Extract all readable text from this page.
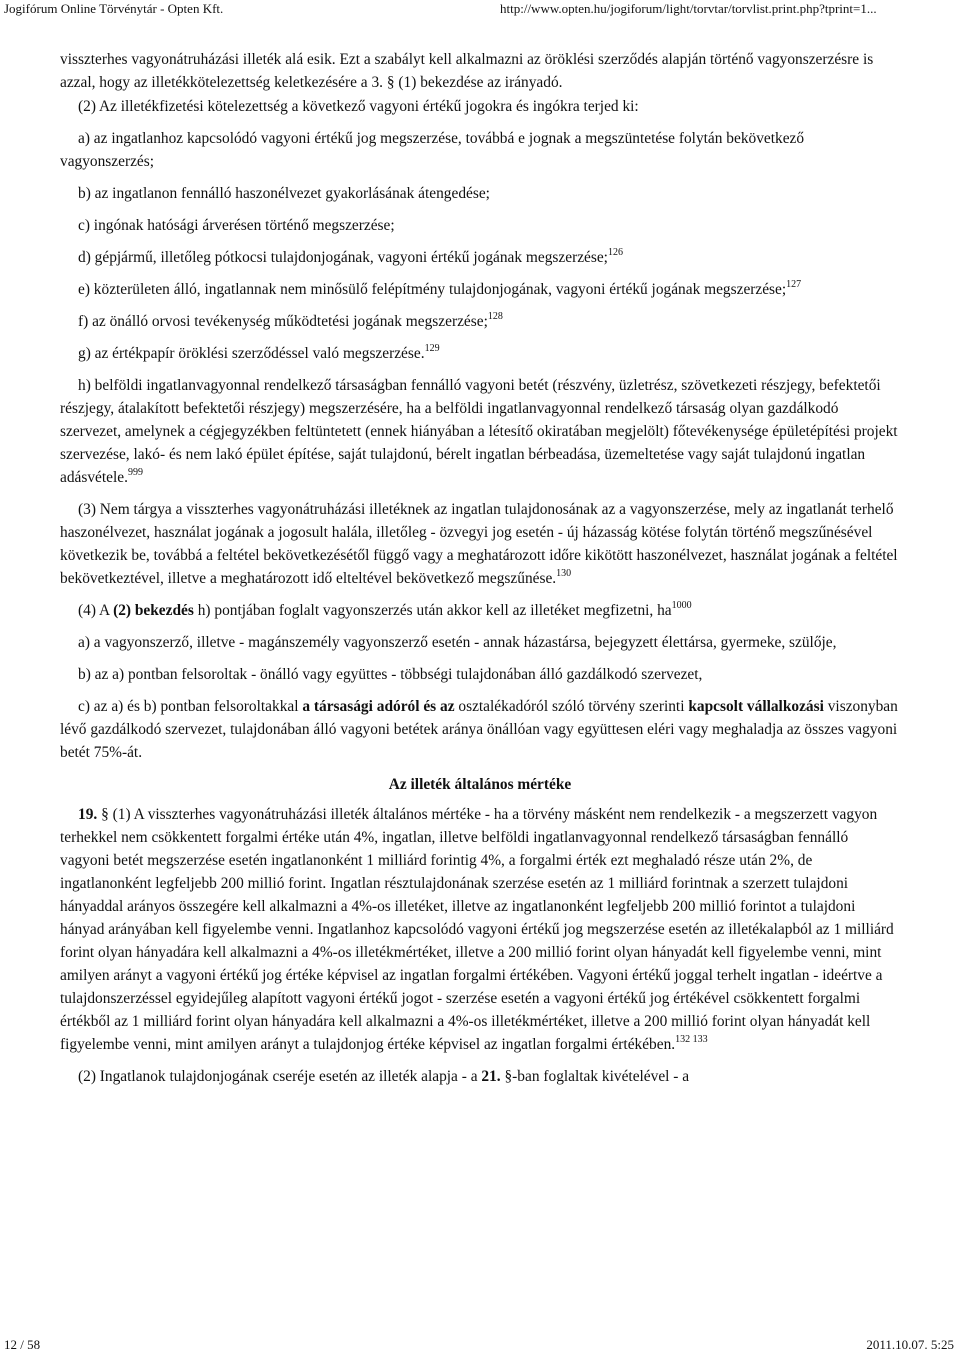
Jogifórum Online Törvénytár - Opten Kft.	http://www.opten.hu/jogiforum/light/torvtar/torvlist.print.php?tprint=1...

visszterhes vagyonátruházási illeték alá esik. Ezt a szabályt kell alkalmazni az öröklési szerződés alapján történő vagyonszerzésre is azzal, hogy az illetékkötelezettség keletkezésére a 3. § (1) bekezdése az irányadó.

(2) Az illetékfizetési kötelezettség a következő vagyoni értékű jogokra és ingókra terjed ki:

a) az ingatlanhoz kapcsolódó vagyoni értékű jog megszerzése, továbbá e jognak a megszüntetése folytán bekövetkező vagyonszerzés;

b) az ingatlanon fennálló haszonélvezet gyakorlásának átengedése;

c) ingónak hatósági árverésen történő megszerzése;

d) gépjármű, illetőleg pótkocsi tulajdonjogának, vagyoni értékű jogának megszerzése;$^{126}$

e) közterületen álló, ingatlannak nem minősülő felépítmény tulajdonjogának, vagyoni értékű jogának megszerzése;$^{127}$

f) az önálló orvosi tevékenység működtetési jogának megszerzése;$^{128}$

g) az értékpapír öröklési szerződéssel való megszerzése.$^{129}$

h) belföldi ingatlanvagyonnal rendelkező társaságban fennálló vagyoni betét (részvény, üzletrész, szövetkezeti részjegy, befektetői részjegy, átalakított befektetői részjegy) megszerzésére, ha a belföldi ingatlanvagyonnal rendelkező társaság olyan gazdálkodó szervezet, amelynek a cégjegyzékben feltüntetett (ennek hiányában a létesítő okiratában megjelölt) főtevékenysége épületépítési projekt szervezése, lakó- és nem lakó épület építése, saját tulajdonú, bérelt ingatlan bérbeadása, üzemeltetése vagy saját tulajdonú ingatlan adásvétele.$^{999}$

(3) Nem tárgya a visszterhes vagyonátruházási illetéknek az ingatlan tulajdonosának az a vagyonszerzése, mely az ingatlanát terhelő haszonélvezet, használat jogának a jogosult halála, illetőleg - özvegyi jog esetén - új házasság kötése folytán történő megszűnésével következik be, továbbá a feltétel bekövetkezésétől függő vagy a meghatározott időre kikötött haszonélvezet, használat jogának a feltétel bekövetkeztével, illetve a meghatározott idő elteltével bekövetkező megszűnése.$^{130}$

(4) A (2) bekezdés h) pontjában foglalt vagyonszerzés után akkor kell az illetéket megfizetni, $ha^{1000}$

a) a vagyonszerző, illetve - magánszemély vagyonszerző esetén - annak házastársa, bejegyzett élettársa, gyermeke, szülője,

b) az a) pontban felsoroltak - önálló vagy együttes - többségi tulajdonában álló gazdálkodó szervezet,

c) az a) és b) pontban felsoroltakkal a társasági adóról és az osztalékadóról szóló törvény szerinti kapcsolt vállalkozási viszonyban lévő gazdálkodó szervezet, tulajdonában álló vagyoni betétek aránya önállóan vagy együttesen eléri vagy meghaladja az összes vagyoni betét 75%-át.

Az illeték általános mértéke

19. § (1) A visszterhes vagyonátruházási illeték általános mértéke - ha a törvény másként nem rendelkezik - a megszerzett vagyon terhekkel nem csökkentett forgalmi értéke után 4%, ingatlan, illetve belföldi ingatlanvagyonnal rendelkező társaságban fennálló vagyoni betét megszerzése esetén ingatlanonként 1 milliárd forintig 4%, a forgalmi érték ezt meghaladó része után 2%, de ingatlanonként legfeljebb 200 millió forint. Ingatlan résztulajdonának szerzése esetén az 1 milliárd forintnak a szerzett tulajdoni hányaddal arányos összegére kell alkalmazni a 4%-os illetéket, illetve az ingatlanonként legfeljebb 200 millió forintot a tulajdoni hányad arányában kell figyelembe venni. Ingatlanhoz kapcsolódó vagyoni értékű jog megszerzése esetén az illetékalapból az 1 milliárd forint olyan hányadára kell alkalmazni a 4%-os illetékmértéket, illetve a 200 millió forint olyan hányadát kell figyelembe venni, mint amilyen arányt a vagyoni értékű jog értéke képvisel az ingatlan forgalmi értékében. Vagyoni értékű joggal terhelt ingatlan - ideértve a tulajdonszerzéssel egyidejűleg alapított vagyoni értékű jogot - szerzése esetén a vagyoni értékű jog értékével csökkentett forgalmi értékből az 1 milliárd forint olyan hányadára kell alkalmazni a 4%-os illetékmértéket, illetve a 200 millió forint olyan hányadát kell figyelembe venni, mint amilyen arányt a tulajdonjog értéke képvisel az ingatlan forgalmi értékében.$^{132 133}$

(2) Ingatlanok tulajdonjogának cseréje esetén az illeték alapja - a 21. §-ban foglaltak kivételével - a

12 / 58	2011.10.07. 5:25
